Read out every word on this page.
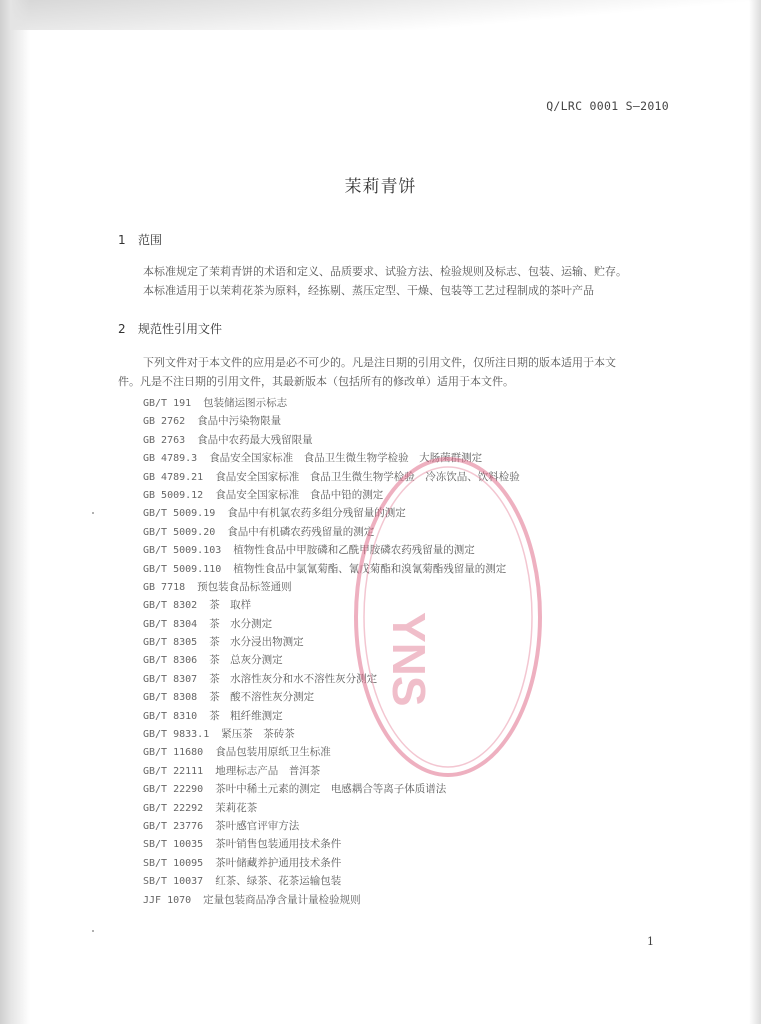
Q/LRC 0001 S—2010
茉莉青饼
1 范围
本标准规定了茉莉青饼的术语和定义、品质要求、试验方法、检验规则及标志、包装、运输、贮存。
本标准适用于以茉莉花茶为原料，经拣剔、蒸压定型、干燥、包装等工艺过程制成的茶叶产品
2 规范性引用文件
下列文件对于本文件的应用是必不可少的。凡是注日期的引用文件，仅所注日期的版本适用于本文
件。凡是不注日期的引用文件，其最新版本（包括所有的修改单）适用于本文件。
GB/T 191 包装储运图示标志
GB 2762 食品中污染物限量
GB 2763 食品中农药最大残留限量
GB 4789.3 食品安全国家标准　食品卫生微生物学检验　大肠菌群测定
GB 4789.21 食品安全国家标准　食品卫生微生物学检验　冷冻饮品、饮料检验
GB 5009.12 食品安全国家标准　食品中铅的测定
GB/T 5009.19 食品中有机氯农药多组分残留量的测定
GB/T 5009.20 食品中有机磷农药残留量的测定
GB/T 5009.103 植物性食品中甲胺磷和乙酰甲胺磷农药残留量的测定
GB/T 5009.110 植物性食品中氯氰菊酯、氰戊菊酯和溴氰菊酯残留量的测定
GB 7718 预包装食品标签通则
GB/T 8302 茶　取样
GB/T 8304 茶　水分测定
GB/T 8305 茶　水分浸出物测定
GB/T 8306 茶　总灰分测定
GB/T 8307 茶　水溶性灰分和水不溶性灰分测定
GB/T 8308 茶　酸不溶性灰分测定
GB/T 8310 茶　粗纤维测定
GB/T 9833.1 紧压茶　茶砖茶
GB/T 11680 食品包装用原纸卫生标准
GB/T 22111 地理标志产品　普洱茶
GB/T 22290 茶叶中稀土元素的测定　电感耦合等离子体质谱法
GB/T 22292 茉莉花茶
GB/T 23776 茶叶感官评审方法
SB/T 10035 茶叶销售包装通用技术条件
SB/T 10095 茶叶储藏养护通用技术条件
SB/T 10037 红茶、绿茶、花茶运输包装
JJF 1070 定量包装商品净含量计量检验规则
YNS
1
